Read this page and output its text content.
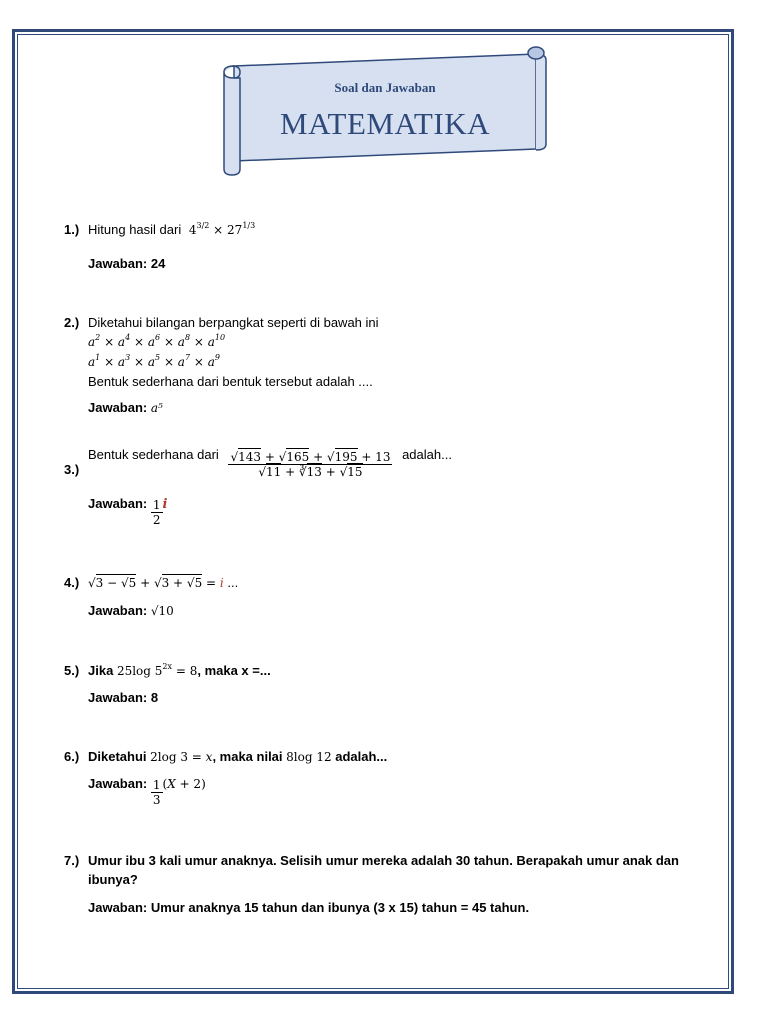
Soal dan Jawaban
MATEMATIKA
1.) Hitung hasil dari $4^{3/2} \times 27^{1/3}$
Jawaban: 24
2.) Diketahui bilangan berpangkat seperti di bawah ini
$a^2 \times a^4 \times a^6 \times a^8 \times a^{10}$
$a^1 \times a^3 \times a^5 \times a^7 \times a^9$
Bentuk sederhana dari bentuk tersebut adalah ....
Jawaban: a⁵
3.)
Bentuk sederhana dari $\frac{√143 + √165 + √195 + 13}{√11 + ∛13 + √15}$ adalah...
Jawaban: $\frac{1}{2}$ i
4.) √3 − √5 + √3 + √5 = i ...
Jawaban: √10
5.) Jika 25log $5^{2x} = 8$, maka x =...
Jawaban: 8
6.) Diketahui 2log 3 = x, maka nilai 8log 12 adalah...
Jawaban: $\frac{1}{3} (X + 2)$
7.) Umur ibu 3 kali umur anaknya. Selisih umur mereka adalah 30 tahun. Berapakah umur anak dan
ibunya?
Jawaban: Umur anaknya 15 tahun dan ibunya (3 x 15) tahun = 45 tahun.
